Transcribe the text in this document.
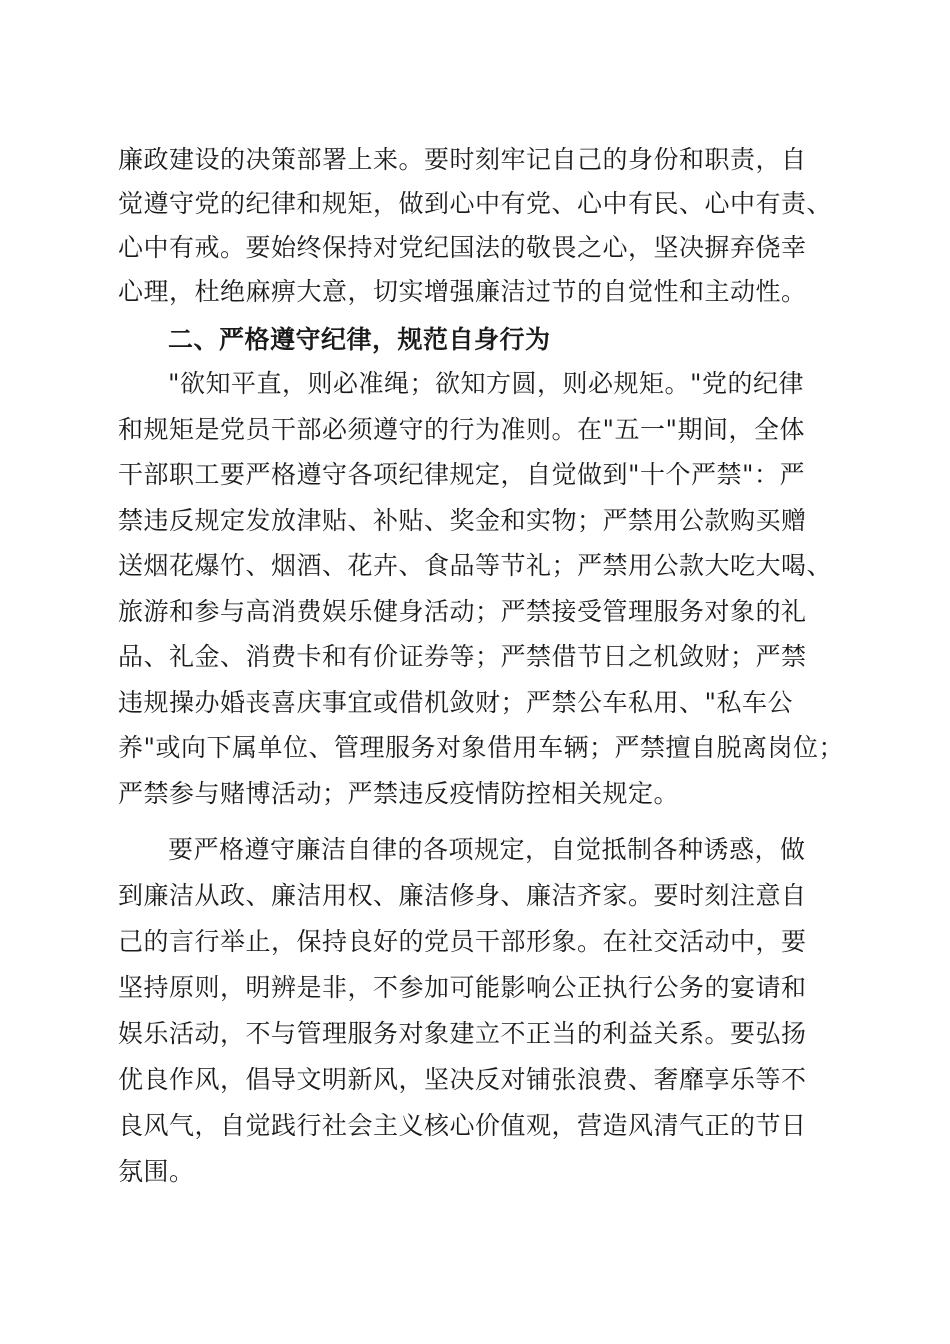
廉政建设的决策部署上来。要时刻牢记自己的身份和职责，自
觉遵守党的纪律和规矩，做到心中有党、心中有民、心中有责、
心中有戒。要始终保持对党纪国法的敬畏之心，坚决摒弃侥幸
心理，杜绝麻痹大意，切实增强廉洁过节的自觉性和主动性。
二、严格遵守纪律，规范自身行为
"欲知平直，则必准绳；欲知方圆，则必规矩。"党的纪律
和规矩是党员干部必须遵守的行为准则。在"五一"期间，全体
干部职工要严格遵守各项纪律规定，自觉做到"十个严禁"：严
禁违反规定发放津贴、补贴、奖金和实物；严禁用公款购买赠
送烟花爆竹、烟酒、花卉、食品等节礼；严禁用公款大吃大喝、
旅游和参与高消费娱乐健身活动；严禁接受管理服务对象的礼
品、礼金、消费卡和有价证券等；严禁借节日之机敛财；严禁
违规操办婚丧喜庆事宜或借机敛财；严禁公车私用、"私车公
养"或向下属单位、管理服务对象借用车辆；严禁擅自脱离岗位；
严禁参与赌博活动；严禁违反疫情防控相关规定。
要严格遵守廉洁自律的各项规定，自觉抵制各种诱惑，做
到廉洁从政、廉洁用权、廉洁修身、廉洁齐家。要时刻注意自
己的言行举止，保持良好的党员干部形象。在社交活动中，要
坚持原则，明辨是非，不参加可能影响公正执行公务的宴请和
娱乐活动，不与管理服务对象建立不正当的利益关系。要弘扬
优良作风，倡导文明新风，坚决反对铺张浪费、奢靡享乐等不
良风气，自觉践行社会主义核心价值观，营造风清气正的节日
氛围。
